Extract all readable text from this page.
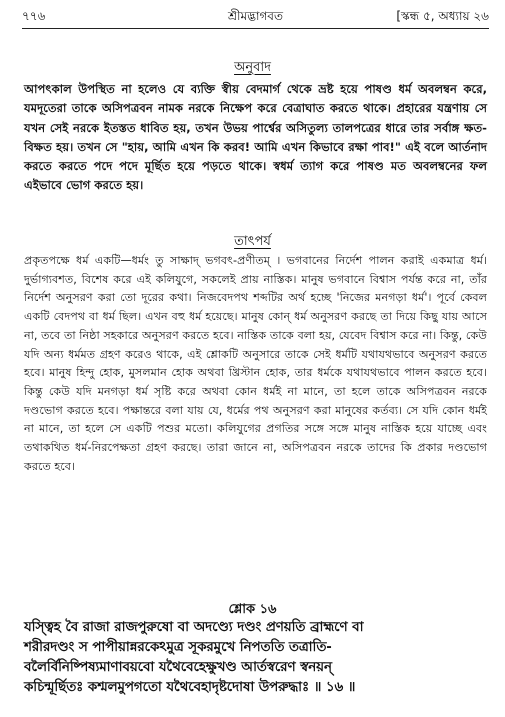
৭৭৬	শ্রীমদ্ভাগবত	[স্কন্ধ ৫, অধ্যায় ২৬
অনুবাদ

আপৎকাল উপস্থিত না হলেও যে ব্যক্তি স্বীয় বেদমার্গ থেকে ভ্রষ্ট হয়ে পাষণ্ড ধর্ম অবলম্বন করে, যমদূতেরা তাকে অসিপত্রবন নামক নরকে নিক্ষেপ করে বেত্রাঘাত করতে থাকে। প্রহারের যন্ত্রণায় সে যখন সেই নরকে ইতস্তত ধাবিত হয়, তখন উভয় পার্শ্বের অসিতুল্য তালপত্রের ধারে তার সর্বাঙ্গ ক্ষত-বিক্ষত হয়। তখন সে "হায়, আমি এখন কি করব! আমি এখন কিভাবে রক্ষা পাব!" এই বলে আর্তনাদ করতে করতে পদে পদে মূর্ছিত হয়ে পড়তে থাকে। স্বধর্ম ত্যাগ করে পাষণ্ড মত অবলম্বনের ফল এইভাবে ভোগ করতে হয়।

তাৎপর্য

প্রকৃতপক্ষে ধর্ম একটি—ধর্মং তু সাক্ষাদ্ ভগবৎ-প্রণীতম্ । ভগবানের নির্দেশ পালন করাই একমাত্র ধর্ম। দুর্ভাগ্যবশত, বিশেষ করে এই কলিযুগে, সকলেই প্রায় নাস্তিক। মানুষ ভগবানে বিশ্বাস পর্যন্ত করে না, তাঁর নির্দেশ অনুসরণ করা তো দূরের কথা। নিজবেদপথ শব্দটির অর্থ হচ্ছে 'নিজের মনগড়া ধর্ম'। পূর্বে কেবল একটি বেদপথ বা ধর্ম ছিল। এখন বহু ধর্ম হয়েছে। মানুষ কোন্ ধর্ম অনুসরণ করছে তা দিয়ে কিছু যায় আসে না, তবে তা নিষ্ঠা সহকারে অনুসরণ করতে হবে। নাস্তিক তাকে বলা হয়, যেবেদ বিশ্বাস করে না। কিন্তু, কেউ যদি অন্য ধর্মমত গ্রহণ করেও থাকে, এই শ্লোকটি অনুসারে তাকে সেই ধর্মটি যথাযথভাবে অনুসরণ করতে হবে। মানুষ হিন্দু হোক, মুসলমান হোক অথবা খ্রিস্টান হোক, তার ধর্মকে যথাযথভাবে পালন করতে হবে। কিন্তু কেউ যদি মনগড়া ধর্ম সৃষ্টি করে অথবা কোন ধর্মই না মানে, তা হলে তাকে অসিপত্রবন নরকে দণ্ডভোগ করতে হবে। পক্ষান্তরে বলা যায় যে, ধর্মের পথ অনুসরণ করা মানুষের কর্তব্য। সে যদি কোন ধর্মই না মানে, তা হলে সে একটি পশুর মতো। কলিযুগের প্রগতির সঙ্গে সঙ্গে মানুষ নাস্তিক হয়ে যাচ্ছে এবং তথাকথিত ধর্ম-নিরপেক্ষতা গ্রহণ করছে। তারা জানে না, অসিপত্রবন নরকে তাদের কি প্রকার দণ্ডভোগ করতে হবে।

শ্লোক ১৬
যস্ত্বিহ বৈ রাজা রাজপুরুষো বা অদণ্ড্যে দণ্ডং প্রণয়তি ব্রাহ্মণে বা
শরীরদণ্ডং স পাপীয়ান্নরকেঽমুত্র সূকরমুখে নিপততি তত্রাতি-
বলৈর্বিনিষ্পিষ্যমাণাবয়বো যথৈবেহেক্ষুখণ্ড আর্তস্বরেণ স্বনয়ন্
কচিন্মূর্ছিতঃ কশ্মলমুপগতো যথৈবেহাদৃষ্টদোষা উপরুদ্ধাঃ ॥ ১৬ ॥
